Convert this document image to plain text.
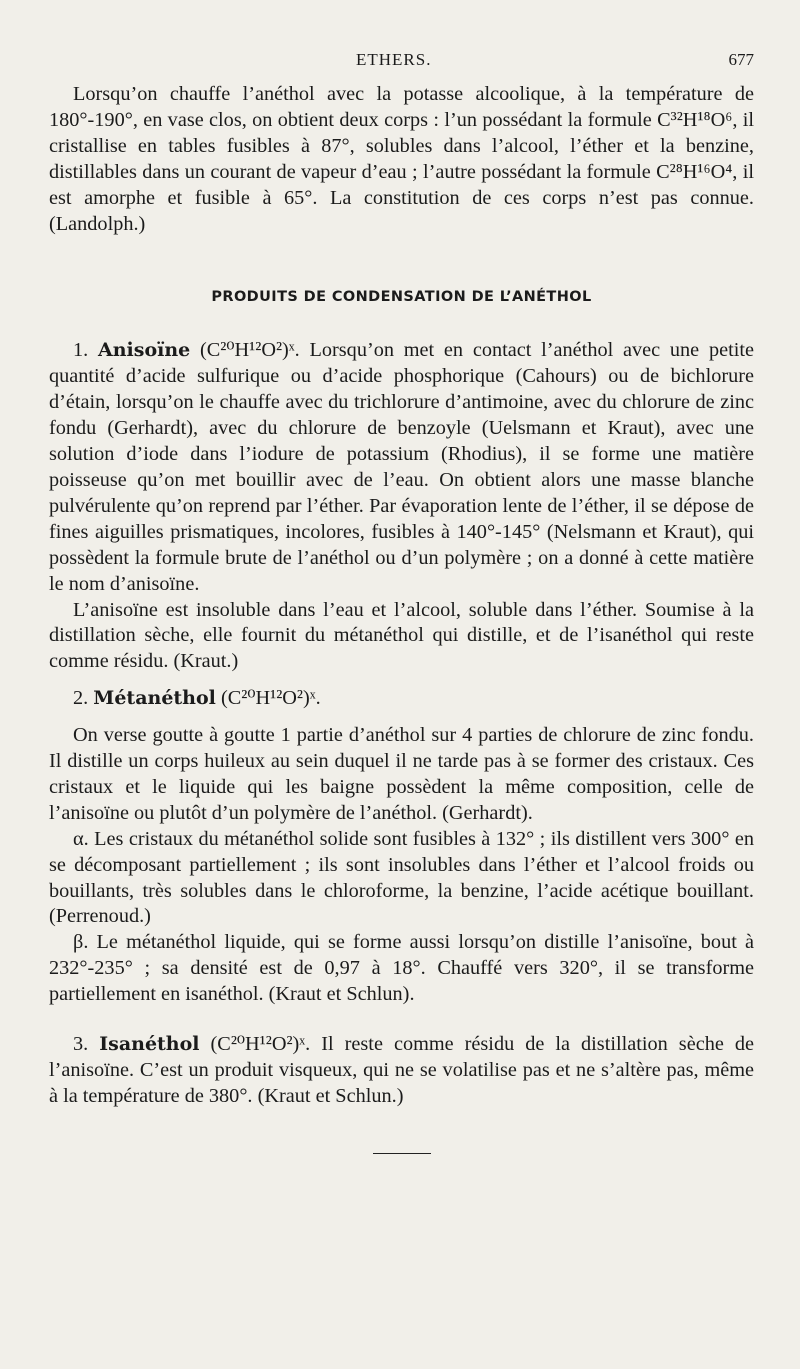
ETHERS.	677

Lorsqu’on chauffe l’anéthol avec la potasse alcoolique, à la température de 180°-190°, en vase clos, on obtient deux corps : l’un possédant la formule C³²H¹⁸O⁶, il cristallise en tables fusibles à 87°, solubles dans l’alcool, l’éther et la benzine, distillables dans un courant de vapeur d’eau ; l’autre possédant la formule C²⁸H¹⁶O⁴, il est amorphe et fusible à 65°. La constitution de ces corps n’est pas connue. (Landolph.)

PRODUITS DE CONDENSATION DE L’ANÉTHOL

1. Anisoïne (C²⁰H¹²O²)ˣ. Lorsqu’on met en contact l’anéthol avec une petite quantité d’acide sulfurique ou d’acide phosphorique (Cahours) ou de bichlorure d’étain, lorsqu’on le chauffe avec du trichlorure d’antimoine, avec du chlorure de zinc fondu (Gerhardt), avec du chlorure de benzoyle (Uelsmann et Kraut), avec une solution d’iode dans l’iodure de potassium (Rhodius), il se forme une matière poisseuse qu’on met bouillir avec de l’eau. On obtient alors une masse blanche pulvérulente qu’on reprend par l’éther. Par évaporation lente de l’éther, il se dépose de fines aiguilles prismatiques, incolores, fusibles à 140°-145° (Nelsmann et Kraut), qui possèdent la formule brute de l’anéthol ou d’un polymère ; on a donné à cette matière le nom d’anisoïne.

L’anisoïne est insoluble dans l’eau et l’alcool, soluble dans l’éther. Soumise à la distillation sèche, elle fournit du métanéthol qui distille, et de l’isanéthol qui reste comme résidu. (Kraut.)

2. Métanéthol (C²⁰H¹²O²)ˣ.

On verse goutte à goutte 1 partie d’anéthol sur 4 parties de chlorure de zinc fondu. Il distille un corps huileux au sein duquel il ne tarde pas à se former des cristaux. Ces cristaux et le liquide qui les baigne possèdent la même composition, celle de l’anisoïne ou plutôt d’un polymère de l’anéthol. (Gerhardt).

α. Les cristaux du métanéthol solide sont fusibles à 132° ; ils distillent vers 300° en se décomposant partiellement ; ils sont insolubles dans l’éther et l’alcool froids ou bouillants, très solubles dans le chloroforme, la benzine, l’acide acétique bouillant. (Perrenoud.)

β. Le métanéthol liquide, qui se forme aussi lorsqu’on distille l’anisoïne, bout à 232°-235° ; sa densité est de 0,97 à 18°. Chauffé vers 320°, il se transforme partiellement en isanéthol. (Kraut et Schlun).

3. Isanéthol (C²⁰H¹²O²)ˣ. Il reste comme résidu de la distillation sèche de l’anisoïne. C’est un produit visqueux, qui ne se volatilise pas et ne s’altère pas, même à la température de 380°. (Kraut et Schlun.)
